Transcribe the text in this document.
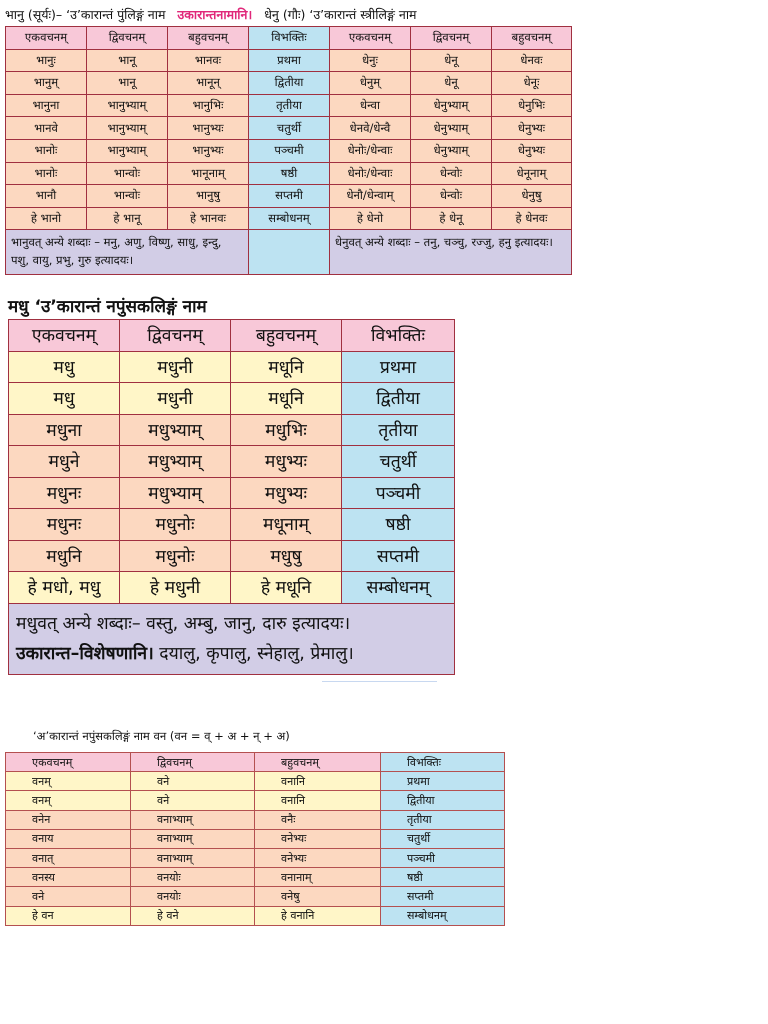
भानु (सूर्यः)– ‘उ’कारान्तं पुंलिङ्गं नाम उकारान्तनामानि। धेनु (गौः) ‘उ’कारान्तं स्त्रीलिङ्गं नाम
एकवचनम्	द्विवचनम्	बहुवचनम्	विभक्तिः	एकवचनम्	द्विवचनम्	बहुवचनम्
भानुः	भानू	भानवः	प्रथमा	धेनुः	धेनू	धेनवः
भानुम्	भानू	भानून्	द्वितीया	धेनुम्	धेनू	धेनूः
भानुना	भानुभ्याम्	भानुभिः	तृतीया	धेन्वा	धेनुभ्याम्	धेनुभिः
भानवे	भानुभ्याम्	भानुभ्यः	चतुर्थी	धेनवे/धेन्वै	धेनुभ्याम्	धेनुभ्यः
भानोः	भानुभ्याम्	भानुभ्यः	पञ्चमी	धेनोः/धेन्वाः	धेनुभ्याम्	धेनुभ्यः
भानोः	भान्वोः	भानूनाम्	षष्ठी	धेनोः/धेन्वाः	धेन्वोः	धेनूनाम्
भानौ	भान्वोः	भानुषु	सप्तमी	धेनौ/धेन्वाम्	धेन्वोः	धेनुषु
हे भानो	हे भानू	हे भानवः	सम्बोधनम्	हे धेनो	हे धेनू	हे धेनवः
भानुवत् अन्ये शब्दाः – मनु, अणु, विष्णु, साधु, इन्दु, पशु, वायु, प्रभु, गुरु इत्यादयः।				धेनुवत् अन्ये शब्दाः – तनु, चञ्चु, रज्जु, हनु इत्यादयः।		
मधु ‘उ’कारान्तं नपुंसकलिङ्गं नाम
एकवचनम्	द्विवचनम्	बहुवचनम्	विभक्तिः
मधु	मधुनी	मधूनि	प्रथमा
मधु	मधुनी	मधूनि	द्वितीया
मधुना	मधुभ्याम्	मधुभिः	तृतीया
मधुने	मधुभ्याम्	मधुभ्यः	चतुर्थी
मधुनः	मधुभ्याम्	मधुभ्यः	पञ्चमी
मधुनः	मधुनोः	मधूनाम्	षष्ठी
मधुनि	मधुनोः	मधुषु	सप्तमी
हे मधो, मधु	हे मधुनी	हे मधूनि	सम्बोधनम्

मधुवत् अन्ये शब्दाः– वस्तु, अम्बु, जानु, दारु इत्यादयः।
उकारान्त–विशेषणानि। दयालु, कृपालु, स्नेहालु, प्रेमालु।			
‘अ’कारान्तं नपुंसकलिङ्गं नाम वन (वन = व् + अ + न् + अ)
एकवचनम्	द्विवचनम्	बहुवचनम्	विभक्तिः
वनम्	वने	वनानि	प्रथमा
वनम्	वने	वनानि	द्वितीया
वनेन	वनाभ्याम्	वनैः	तृतीया
वनाय	वनाभ्याम्	वनेभ्यः	चतुर्थी
वनात्	वनाभ्याम्	वनेभ्यः	पञ्चमी
वनस्य	वनयोः	वनानाम्	षष्ठी
वने	वनयोः	वनेषु	सप्तमी
हे वन	हे वने	हे वनानि	सम्बोधनम्
